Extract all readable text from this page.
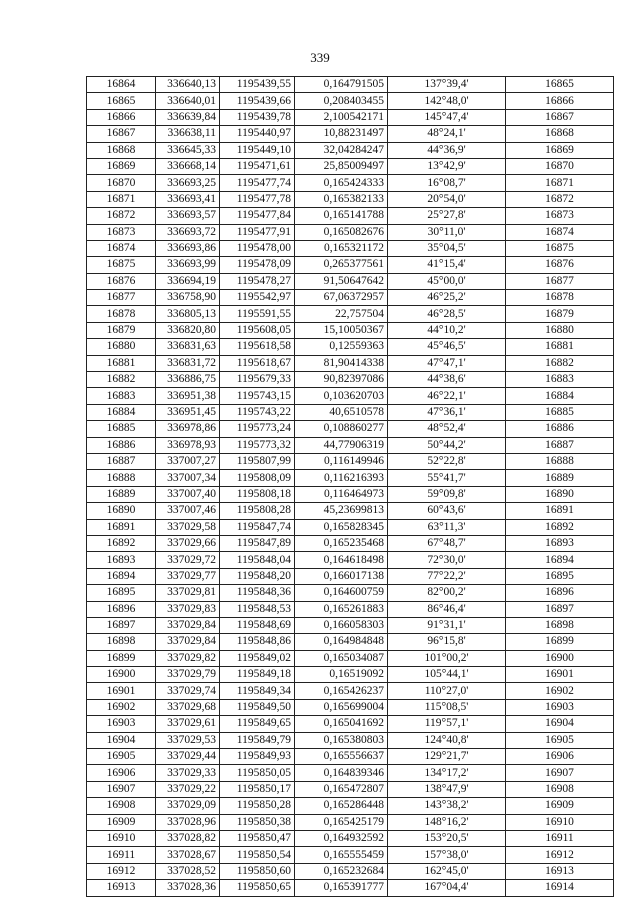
339
16864	336640,13	1195439,55	0,164791505	137°39,4'	16865
16865	336640,01	1195439,66	0,208403455	142°48,0'	16866
16866	336639,84	1195439,78	2,100542171	145°47,4'	16867
16867	336638,11	1195440,97	10,88231497	48°24,1'	16868
16868	336645,33	1195449,10	32,04284247	44°36,9'	16869
16869	336668,14	1195471,61	25,85009497	13°42,9'	16870
16870	336693,25	1195477,74	0,165424333	16°08,7'	16871
16871	336693,41	1195477,78	0,165382133	20°54,0'	16872
16872	336693,57	1195477,84	0,165141788	25°27,8'	16873
16873	336693,72	1195477,91	0,165082676	30°11,0'	16874
16874	336693,86	1195478,00	0,165321172	35°04,5'	16875
16875	336693,99	1195478,09	0,265377561	41°15,4'	16876
16876	336694,19	1195478,27	91,50647642	45°00,0'	16877
16877	336758,90	1195542,97	67,06372957	46°25,2'	16878
16878	336805,13	1195591,55	22,757504	46°28,5'	16879
16879	336820,80	1195608,05	15,10050367	44°10,2'	16880
16880	336831,63	1195618,58	0,12559363	45°46,5'	16881
16881	336831,72	1195618,67	81,90414338	47°47,1'	16882
16882	336886,75	1195679,33	90,82397086	44°38,6'	16883
16883	336951,38	1195743,15	0,103620703	46°22,1'	16884
16884	336951,45	1195743,22	40,6510578	47°36,1'	16885
16885	336978,86	1195773,24	0,108860277	48°52,4'	16886
16886	336978,93	1195773,32	44,77906319	50°44,2'	16887
16887	337007,27	1195807,99	0,116149946	52°22,8'	16888
16888	337007,34	1195808,09	0,116216393	55°41,7'	16889
16889	337007,40	1195808,18	0,116464973	59°09,8'	16890
16890	337007,46	1195808,28	45,23699813	60°43,6'	16891
16891	337029,58	1195847,74	0,165828345	63°11,3'	16892
16892	337029,66	1195847,89	0,165235468	67°48,7'	16893
16893	337029,72	1195848,04	0,164618498	72°30,0'	16894
16894	337029,77	1195848,20	0,166017138	77°22,2'	16895
16895	337029,81	1195848,36	0,164600759	82°00,2'	16896
16896	337029,83	1195848,53	0,165261883	86°46,4'	16897
16897	337029,84	1195848,69	0,166058303	91°31,1'	16898
16898	337029,84	1195848,86	0,164984848	96°15,8'	16899
16899	337029,82	1195849,02	0,165034087	101°00,2'	16900
16900	337029,79	1195849,18	0,16519092	105°44,1'	16901
16901	337029,74	1195849,34	0,165426237	110°27,0'	16902
16902	337029,68	1195849,50	0,165699004	115°08,5'	16903
16903	337029,61	1195849,65	0,165041692	119°57,1'	16904
16904	337029,53	1195849,79	0,165380803	124°40,8'	16905
16905	337029,44	1195849,93	0,165556637	129°21,7'	16906
16906	337029,33	1195850,05	0,164839346	134°17,2'	16907
16907	337029,22	1195850,17	0,165472807	138°47,9'	16908
16908	337029,09	1195850,28	0,165286448	143°38,2'	16909
16909	337028,96	1195850,38	0,165425179	148°16,2'	16910
16910	337028,82	1195850,47	0,164932592	153°20,5'	16911
16911	337028,67	1195850,54	0,165555459	157°38,0'	16912
16912	337028,52	1195850,60	0,165232684	162°45,0'	16913
16913	337028,36	1195850,65	0,165391777	167°04,4'	16914
